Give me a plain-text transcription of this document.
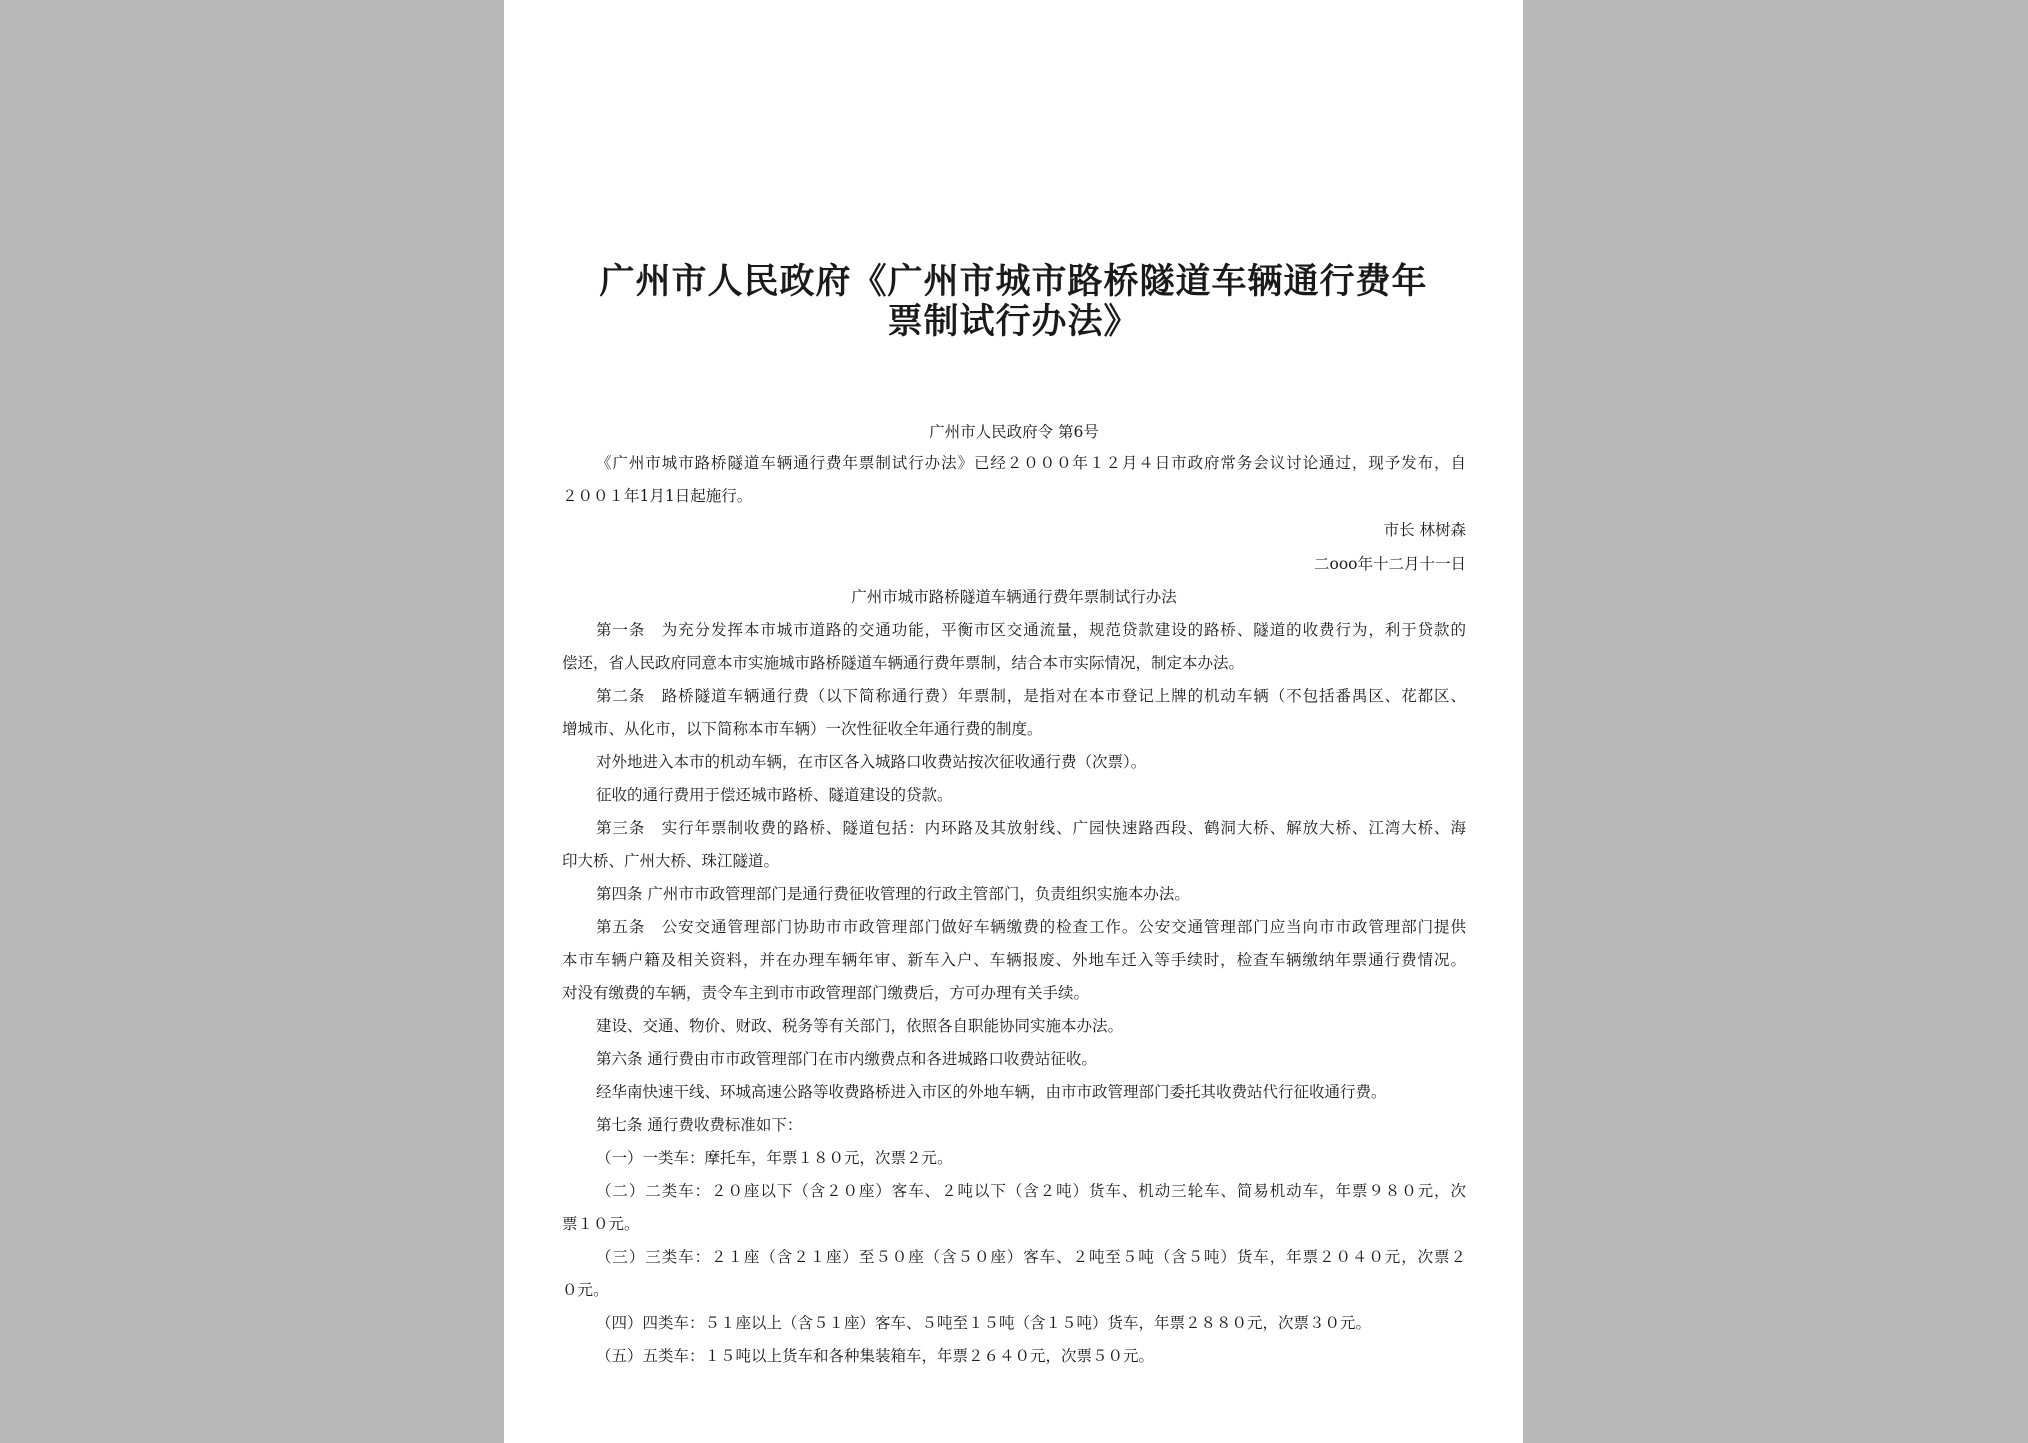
广州市人民政府《广州市城市路桥隧道车辆通行费年
票制试行办法》

广州市人民政府令 第6号

《广州市城市路桥隧道车辆通行费年票制试行办法》已经２０００年１２月４日市政府常务会议讨论通过，现予发布，自

２００１年1月1日起施行。

市长 林树森

二ooo年十二月十一日

广州市城市路桥隧道车辆通行费年票制试行办法

第一条　为充分发挥本市城市道路的交通功能，平衡市区交通流量，规范贷款建设的路桥、隧道的收费行为，利于贷款的

偿还，省人民政府同意本市实施城市路桥隧道车辆通行费年票制，结合本市实际情况，制定本办法。

第二条　路桥隧道车辆通行费（以下简称通行费）年票制，是指对在本市登记上牌的机动车辆（不包括番禺区、花都区、

增城市、从化市，以下简称本市车辆）一次性征收全年通行费的制度。

对外地进入本市的机动车辆，在市区各入城路口收费站按次征收通行费（次票）。

征收的通行费用于偿还城市路桥、隧道建设的贷款。

第三条　实行年票制收费的路桥、隧道包括：内环路及其放射线、广园快速路西段、鹤洞大桥、解放大桥、江湾大桥、海

印大桥、广州大桥、珠江隧道。

第四条 广州市市政管理部门是通行费征收管理的行政主管部门，负责组织实施本办法。

第五条　公安交通管理部门协助市市政管理部门做好车辆缴费的检查工作。公安交通管理部门应当向市市政管理部门提供

本市车辆户籍及相关资料，并在办理车辆年审、新车入户、车辆报废、外地车迁入等手续时，检查车辆缴纳年票通行费情况。

对没有缴费的车辆，责令车主到市市政管理部门缴费后，方可办理有关手续。

建设、交通、物价、财政、税务等有关部门，依照各自职能协同实施本办法。

第六条 通行费由市市政管理部门在市内缴费点和各进城路口收费站征收。

经华南快速干线、环城高速公路等收费路桥进入市区的外地车辆，由市市政管理部门委托其收费站代行征收通行费。

第七条 通行费收费标准如下：

（一）一类车：摩托车，年票１８０元，次票２元。

（二）二类车：２０座以下（含２０座）客车、２吨以下（含２吨）货车、机动三轮车、简易机动车，年票９８０元，次

票１０元。

（三）三类车：２１座（含２１座）至５０座（含５０座）客车、２吨至５吨（含５吨）货车，年票２０４０元，次票２

０元。

（四）四类车：５１座以上（含５１座）客车、５吨至１５吨（含１５吨）货车，年票２８８０元，次票３０元。

（五）五类车：１５吨以上货车和各种集装箱车，年票２６４０元，次票５０元。
